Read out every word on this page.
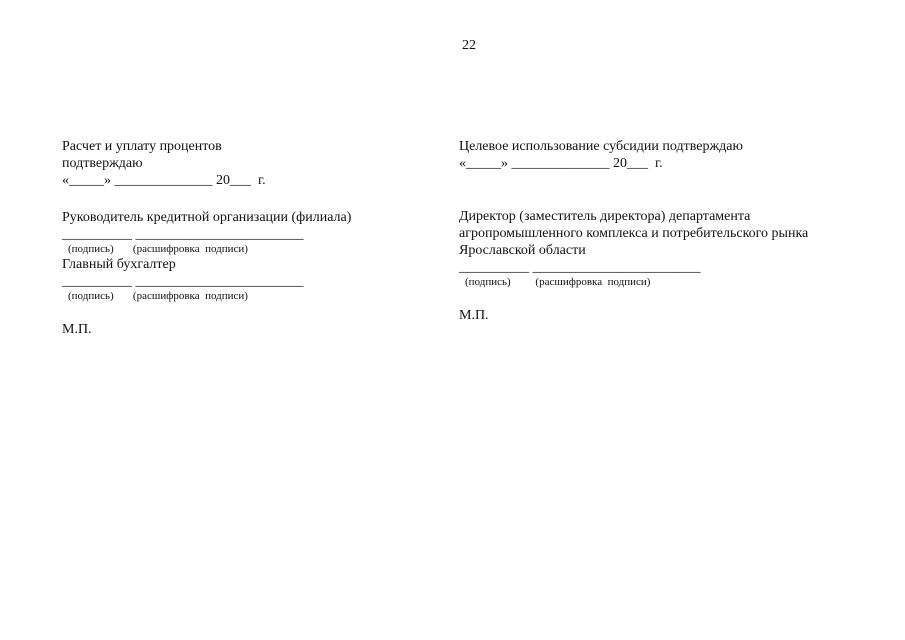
22
Расчет и уплату процентов
подтверждаю
«_____» ______________ 20___  г.
Руководитель кредитной организации (филиала)
__________ ________________________
(подпись)       (расшифровка  подписи)
Главный бухгалтер
__________ ________________________
(подпись)       (расшифровка  подписи)
М.П.
Целевое использование субсидии подтверждаю
«_____» ______________ 20___  г.
Директор (заместитель директора) департамента
агропромышленного комплекса и потребительского рынка
Ярославской области
__________ ________________________
(подпись)         (расшифровка  подписи)
М.П.
